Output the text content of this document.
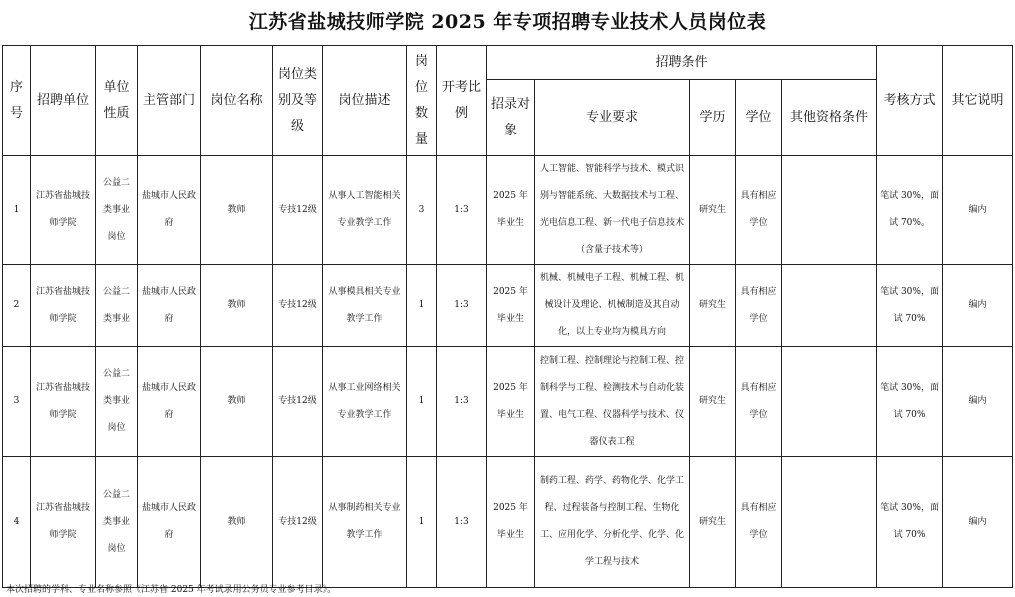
江苏省盐城技师学院 2025 年专项招聘专业技术人员岗位表
序号	招聘单位	单位性质	主管部门	岗位名称	岗位类别及等级	岗位描述	岗位数量	开考比例	招聘条件					考核方式	其它说明
									招录对象	专业要求	学历	学位	其他资格条件		
1	江苏省盐城技师学院	公益二类事业岗位	盐城市人民政府	教师	专技12级	从事人工智能相关专业教学工作	3	1:3	2025 年毕业生	人工智能、智能科学与技术、模式识别与智能系统、大数据技术与工程、光电信息工程、新一代电子信息技术（含量子技术等）	研究生	具有相应学位		笔试 30%，面试 70%。	编内
2	江苏省盐城技师学院	公益二类事业	盐城市人民政府	教师	专技12级	从事模具相关专业教学工作	1	1:3	2025 年毕业生	机械、机械电子工程、机械工程、机械设计及理论、机械制造及其自动化，以上专业均为模具方向	研究生	具有相应学位		笔试 30%，面试 70%	编内
3	江苏省盐城技师学院	公益二类事业岗位	盐城市人民政府	教师	专技12级	从事工业网络相关专业教学工作	1	1:3	2025 年毕业生	控制工程、控制理论与控制工程、控制科学与工程、检测技术与自动化装置、电气工程、仪器科学与技术、仪器仪表工程	研究生	具有相应学位		笔试 30%，面试 70%	编内
4	江苏省盐城技师学院	公益二类事业岗位	盐城市人民政府	教师	专技12级	从事制药相关专业教学工作	1	1:3	2025 年毕业生	制药工程、药学、药物化学、化学工程、过程装备与控制工程、生物化工、应用化学、分析化学、化学、化学工程与技术	研究生	具有相应学位		笔试 30%，面试 70%	编内
本次招聘的学科、专业名称参照《江苏省 2025 年考试录用公务员专业参考目录》。
